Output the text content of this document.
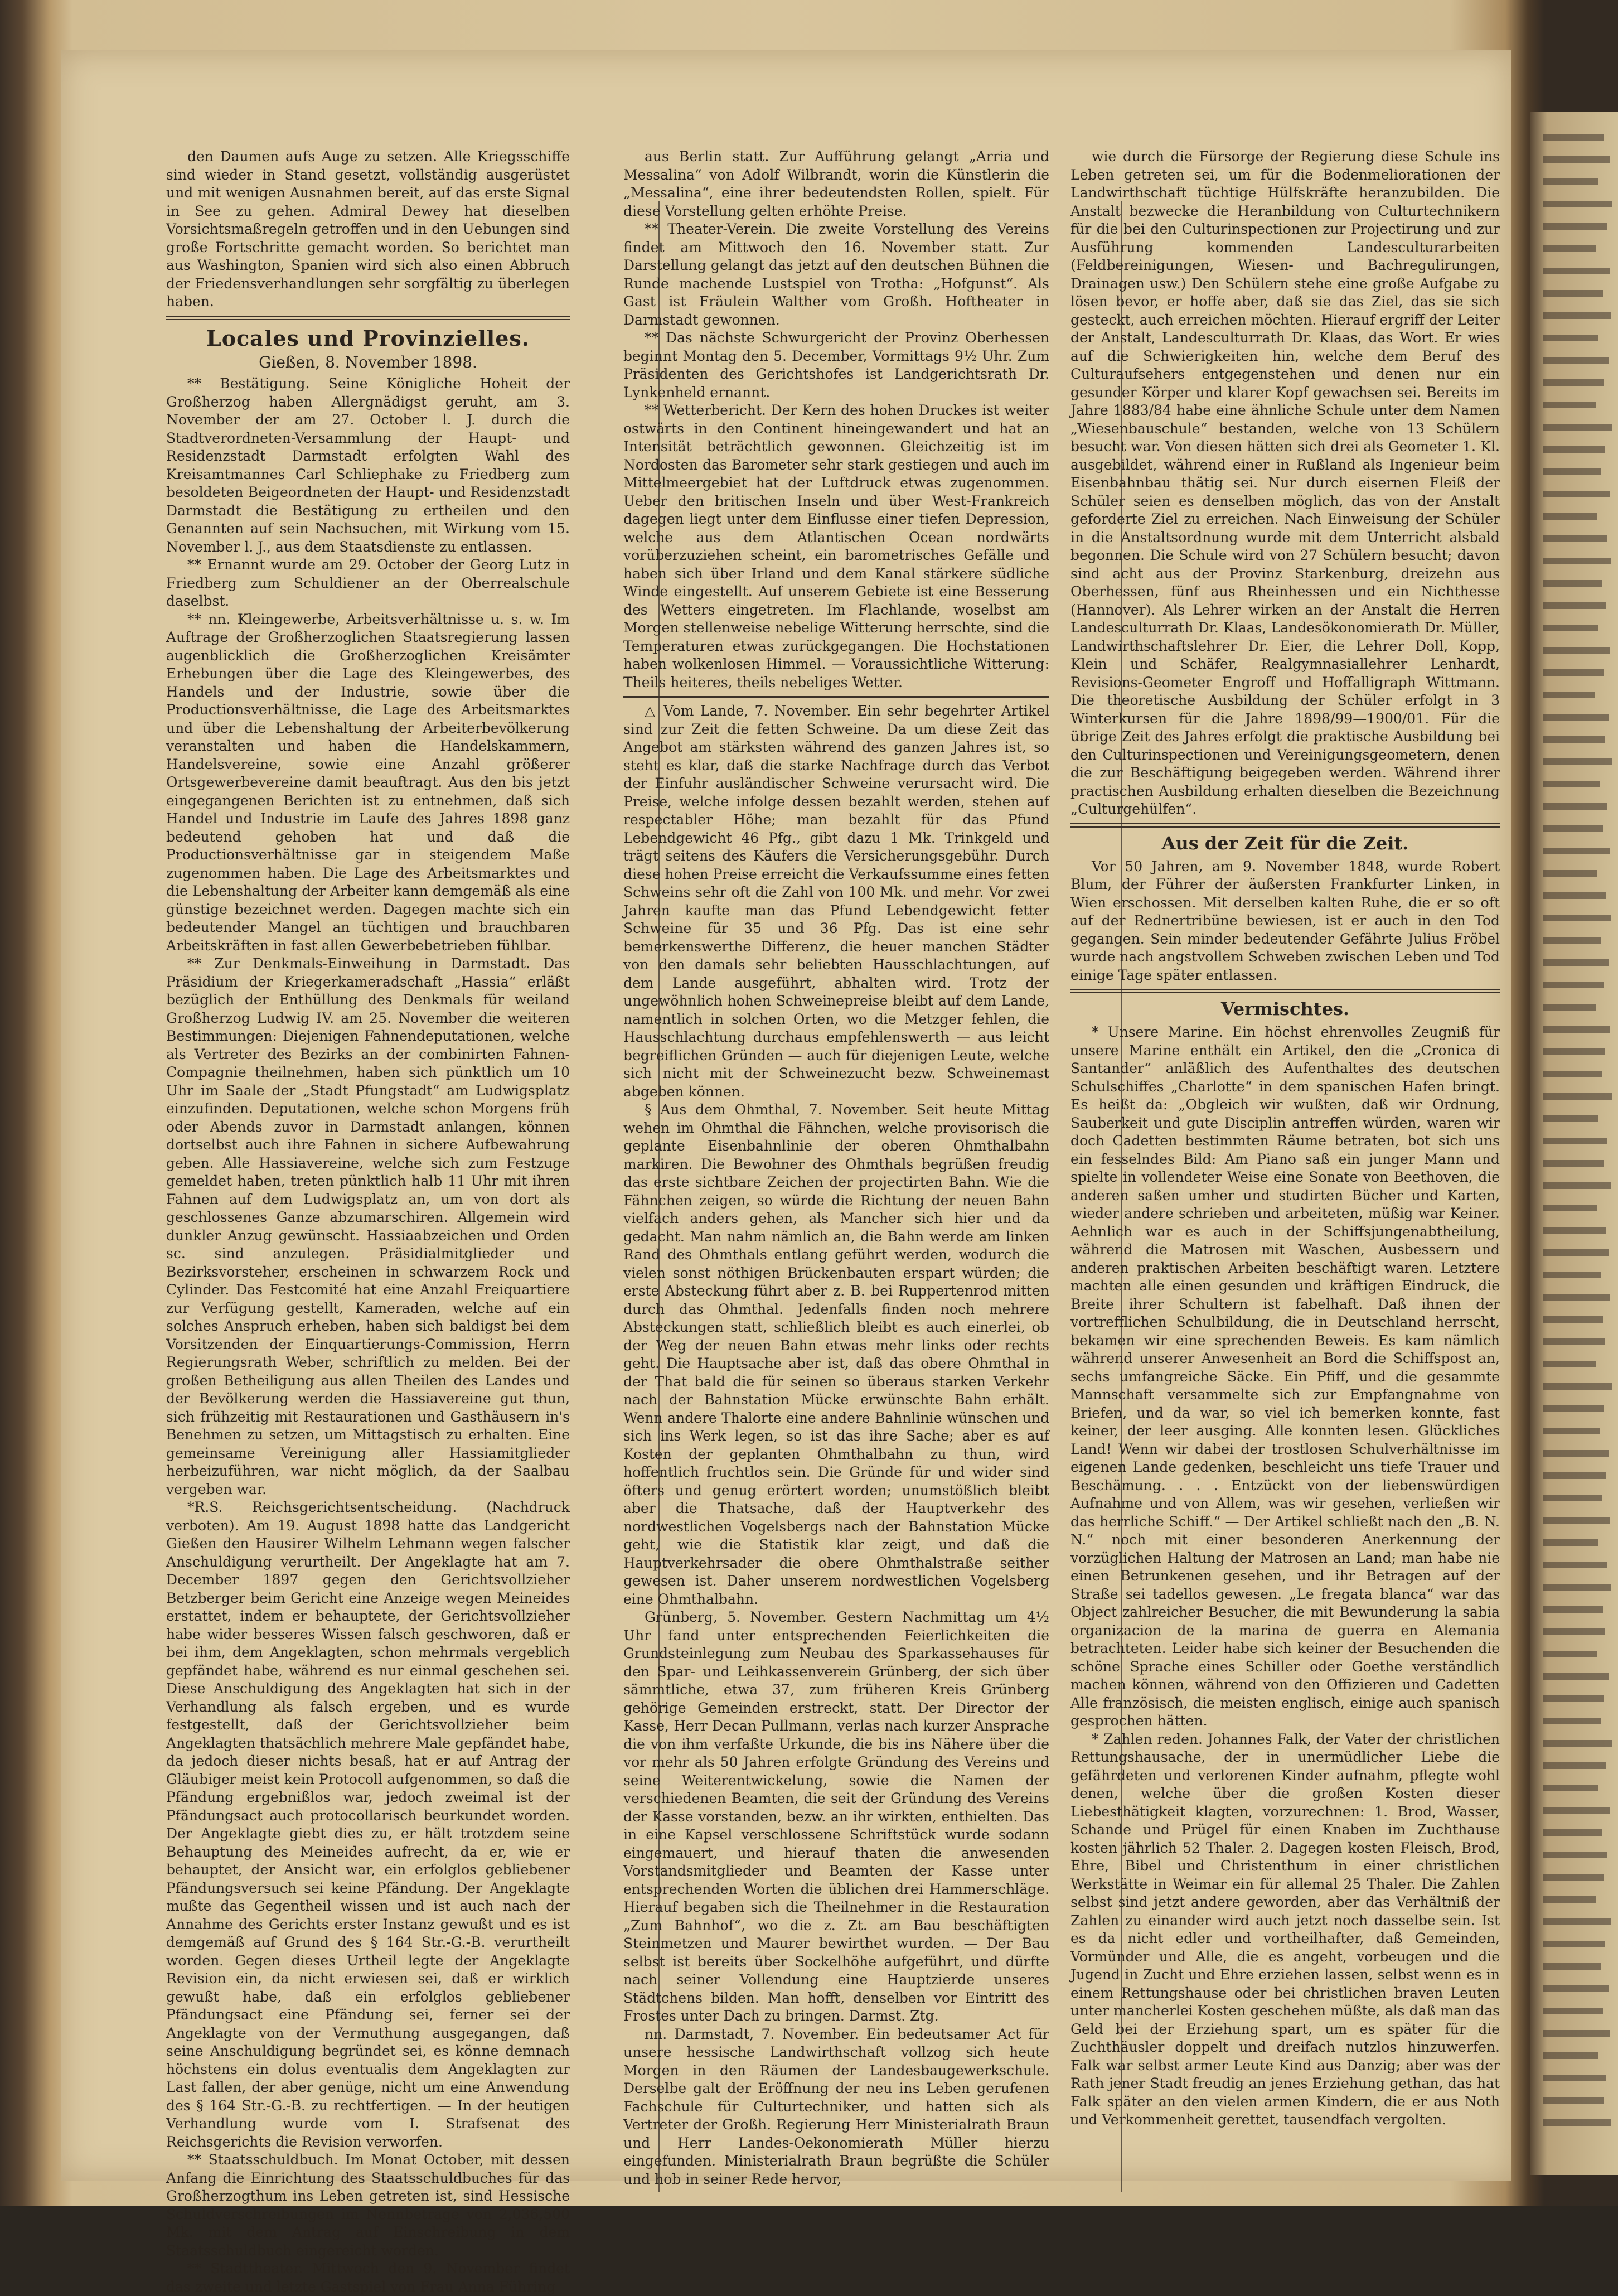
den Daumen aufs Auge zu setzen. Alle Kriegsschiffe sind wieder in Stand gesetzt, vollständig ausgerüstet und mit wenigen Ausnahmen bereit, auf das erste Signal in See zu gehen. Admiral Dewey hat dieselben Vorsichtsmaßregeln getroffen und in den Uebungen sind große Fortschritte gemacht worden. So berichtet man aus Washington, Spanien wird sich also einen Abbruch der Friedensverhandlungen sehr sorgfältig zu überlegen haben.

Locales und Provinzielles.
Gießen, 8. November 1898.

** Bestätigung. Seine Königliche Hoheit der Großherzog haben Allergnädigst geruht, am 3. November der am 27. October l. J. durch die Stadtverordneten-Versammlung der Haupt- und Residenzstadt Darmstadt erfolgten Wahl des Kreisamtmannes Carl Schliephake zu Friedberg zum besoldeten Beigeordneten der Haupt- und Residenzstadt Darmstadt die Bestätigung zu ertheilen und den Genannten auf sein Nachsuchen, mit Wirkung vom 15. November l. J., aus dem Staatsdienste zu entlassen.

** Ernannt wurde am 29. October der Georg Lutz in Friedberg zum Schuldiener an der Oberrealschule daselbst.

** nn. Kleingewerbe, Arbeitsverhältnisse u. s. w. Im Auftrage der Großherzoglichen Staatsregierung lassen augenblicklich die Großherzoglichen Kreisämter Erhebungen über die Lage des Kleingewerbes, des Handels und der Industrie, sowie über die Productionsverhältnisse, die Lage des Arbeitsmarktes und über die Lebenshaltung der Arbeiterbevölkerung veranstalten und haben die Handelskammern, Handelsvereine, sowie eine Anzahl größerer Ortsgewerbevereine damit beauftragt. Aus den bis jetzt eingegangenen Berichten ist zu entnehmen, daß sich Handel und Industrie im Laufe des Jahres 1898 ganz bedeutend gehoben hat und daß die Productionsverhältnisse gar in steigendem Maße zugenommen haben. Die Lage des Arbeitsmarktes und die Lebenshaltung der Arbeiter kann demgemäß als eine günstige bezeichnet werden. Dagegen machte sich ein bedeutender Mangel an tüchtigen und brauchbaren Arbeitskräften in fast allen Gewerbebetrieben fühlbar.

** Zur Denkmals-Einweihung in Darmstadt. Das Präsidium der Kriegerkameradschaft „Hassia“ erläßt bezüglich der Enthüllung des Denkmals für weiland Großherzog Ludwig IV. am 25. November die weiteren Bestimmungen: Diejenigen Fahnendeputationen, welche als Vertreter des Bezirks an der combinirten Fahnen-Compagnie theilnehmen, haben sich pünktlich um 10 Uhr im Saale der „Stadt Pfungstadt“ am Ludwigsplatz einzufinden. Deputationen, welche schon Morgens früh oder Abends zuvor in Darmstadt anlangen, können dortselbst auch ihre Fahnen in sichere Aufbewahrung geben. Alle Hassiavereine, welche sich zum Festzuge gemeldet haben, treten pünktlich halb 11 Uhr mit ihren Fahnen auf dem Ludwigsplatz an, um von dort als geschlossenes Ganze abzumarschiren. Allgemein wird dunkler Anzug gewünscht. Hassiaabzeichen und Orden sc. sind anzulegen. Präsidialmitglieder und Bezirksvorsteher, erscheinen in schwarzem Rock und Cylinder. Das Festcomité hat eine Anzahl Freiquartiere zur Verfügung gestellt, Kameraden, welche auf ein solches Anspruch erheben, haben sich baldigst bei dem Vorsitzenden der Einquartierungs-Commission, Herrn Regierungsrath Weber, schriftlich zu melden. Bei der großen Betheiligung aus allen Theilen des Landes und der Bevölkerung werden die Hassiavereine gut thun, sich frühzeitig mit Restaurationen und Gasthäusern in's Benehmen zu setzen, um Mittagstisch zu erhalten. Eine gemeinsame Vereinigung aller Hassiamitglieder herbeizuführen, war nicht möglich, da der Saalbau vergeben war.

*R.S. Reichsgerichtsentscheidung. (Nachdruck verboten). Am 19. August 1898 hatte das Landgericht Gießen den Hausirer Wilhelm Lehmann wegen falscher Anschuldigung verurtheilt. Der Angeklagte hat am 7. December 1897 gegen den Gerichtsvollzieher Betzberger beim Gericht eine Anzeige wegen Meineides erstattet, indem er behauptete, der Gerichtsvollzieher habe wider besseres Wissen falsch geschworen, daß er bei ihm, dem Angeklagten, schon mehrmals vergeblich gepfändet habe, während es nur einmal geschehen sei. Diese Anschuldigung des Angeklagten hat sich in der Verhandlung als falsch ergeben, und es wurde festgestellt, daß der Gerichtsvollzieher beim Angeklagten thatsächlich mehrere Male gepfändet habe, da jedoch dieser nichts besaß, hat er auf Antrag der Gläubiger meist kein Protocoll aufgenommen, so daß die Pfändung ergebnißlos war, jedoch zweimal ist der Pfändungsact auch protocollarisch beurkundet worden. Der Angeklagte giebt dies zu, er hält trotzdem seine Behauptung des Meineides aufrecht, da er, wie er behauptet, der Ansicht war, ein erfolglos gebliebener Pfändungsversuch sei keine Pfändung. Der Angeklagte mußte das Gegentheil wissen und ist auch nach der Annahme des Gerichts erster Instanz gewußt und es ist demgemäß auf Grund des § 164 Str.-G.-B. verurtheilt worden. Gegen dieses Urtheil legte der Angeklagte Revision ein, da nicht erwiesen sei, daß er wirklich gewußt habe, daß ein erfolglos gebliebener Pfändungsact eine Pfändung sei, ferner sei der Angeklagte von der Vermuthung ausgegangen, daß seine Anschuldigung begründet sei, es könne demnach höchstens ein dolus eventualis dem Angeklagten zur Last fallen, der aber genüge, nicht um eine Anwendung des § 164 Str.-G.-B. zu rechtfertigen. — In der heutigen Verhandlung wurde vom I. Strafsenat des Reichsgerichts die Revision verworfen.

** Staatsschuldbuch. Im Monat October, mit dessen Anfang die Einrichtung des Staatsschuldbuches für das Großherzogthum ins Leben getreten ist, sind Hessische Schuldverschreibungen im Nennbetrage von 2,036,500 Mk. mit dem Antrag auf Einschreibung in dem Staatsschuldbuch eingereicht worden.

** Stadttheater. Mittwoch den 9. November findet das zweite und letzte Gastspiel von Frau Anna Führing

aus Berlin statt. Zur Aufführung gelangt „Arria und Messalina“ von Adolf Wilbrandt, worin die Künstlerin die „Messalina“, eine ihrer bedeutendsten Rollen, spielt. Für diese Vorstellung gelten erhöhte Preise.

** Theater-Verein. Die zweite Vorstellung des Vereins findet am Mittwoch den 16. November statt. Zur Darstellung gelangt das jetzt auf den deutschen Bühnen die Runde machende Lustspiel von Trotha: „Hofgunst“. Als Gast ist Fräulein Walther vom Großh. Hoftheater in Darmstadt gewonnen.

** Das nächste Schwurgericht der Provinz Oberhessen beginnt Montag den 5. December, Vormittags 9½ Uhr. Zum Präsidenten des Gerichtshofes ist Landgerichtsrath Dr. Lynkenheld ernannt.

** Wetterbericht. Der Kern des hohen Druckes ist weiter ostwärts in den Continent hineingewandert und hat an Intensität beträchtlich gewonnen. Gleichzeitig ist im Nordosten das Barometer sehr stark gestiegen und auch im Mittelmeergebiet hat der Luftdruck etwas zugenommen. Ueber den britischen Inseln und über West-Frankreich dagegen liegt unter dem Einflusse einer tiefen Depression, welche aus dem Atlantischen Ocean nordwärts vorüberzuziehen scheint, ein barometrisches Gefälle und haben sich über Irland und dem Kanal stärkere südliche Winde eingestellt. Auf unserem Gebiete ist eine Besserung des Wetters eingetreten. Im Flachlande, woselbst am Morgen stellenweise nebelige Witterung herrschte, sind die Temperaturen etwas zurückgegangen. Die Hochstationen haben wolkenlosen Himmel. — Voraussichtliche Witterung: Theils heiteres, theils nebeliges Wetter.

△ Vom Lande, 7. November. Ein sehr begehrter Artikel sind zur Zeit die fetten Schweine. Da um diese Zeit das Angebot am stärksten während des ganzen Jahres ist, so steht es klar, daß die starke Nachfrage durch das Verbot der Einfuhr ausländischer Schweine verursacht wird. Die Preise, welche infolge dessen bezahlt werden, stehen auf respectabler Höhe; man bezahlt für das Pfund Lebendgewicht 46 Pfg., gibt dazu 1 Mk. Trinkgeld und trägt seitens des Käufers die Versicherungsgebühr. Durch diese hohen Preise erreicht die Verkaufssumme eines fetten Schweins sehr oft die Zahl von 100 Mk. und mehr. Vor zwei Jahren kaufte man das Pfund Lebendgewicht fetter Schweine für 35 und 36 Pfg. Das ist eine sehr bemerkenswerthe Differenz, die heuer manchen Städter von den damals sehr beliebten Hausschlachtungen, auf dem Lande ausgeführt, abhalten wird. Trotz der ungewöhnlich hohen Schweinepreise bleibt auf dem Lande, namentlich in solchen Orten, wo die Metzger fehlen, die Hausschlachtung durchaus empfehlenswerth — aus leicht begreiflichen Gründen — auch für diejenigen Leute, welche sich nicht mit der Schweinezucht bezw. Schweinemast abgeben können.

§ Aus dem Ohmthal, 7. November. Seit heute Mittag wehen im Ohmthal die Fähnchen, welche provisorisch die geplante Eisenbahnlinie der oberen Ohmthalbahn markiren. Die Bewohner des Ohmthals begrüßen freudig das erste sichtbare Zeichen der projectirten Bahn. Wie die Fähnchen zeigen, so würde die Richtung der neuen Bahn vielfach anders gehen, als Mancher sich hier und da gedacht. Man nahm nämlich an, die Bahn werde am linken Rand des Ohmthals entlang geführt werden, wodurch die vielen sonst nöthigen Brückenbauten erspart würden; die erste Absteckung führt aber z. B. bei Ruppertenrod mitten durch das Ohmthal. Jedenfalls finden noch mehrere Absteckungen statt, schließlich bleibt es auch einerlei, ob der Weg der neuen Bahn etwas mehr links oder rechts geht. Die Hauptsache aber ist, daß das obere Ohmthal in der That bald die für seinen so überaus starken Verkehr nach der Bahnstation Mücke erwünschte Bahn erhält. Wenn andere Thalorte eine andere Bahnlinie wünschen und sich ins Werk legen, so ist das ihre Sache; aber es auf Kosten der geplanten Ohmthalbahn zu thun, wird hoffentlich fruchtlos sein. Die Gründe für und wider sind öfters und genug erörtert worden; unumstößlich bleibt aber die Thatsache, daß der Hauptverkehr des nordwestlichen Vogelsbergs nach der Bahnstation Mücke geht, wie die Statistik klar zeigt, und daß die Hauptverkehrsader die obere Ohmthalstraße seither gewesen ist. Daher unserem nordwestlichen Vogelsberg eine Ohmthalbahn.

Grünberg, 5. November. Gestern Nachmittag um 4½ Uhr fand unter entsprechenden Feierlichkeiten die Grundsteinlegung zum Neubau des Sparkassehauses für den Spar- und Leihkassenverein Grünberg, der sich über sämmtliche, etwa 37, zum früheren Kreis Grünberg gehörige Gemeinden erstreckt, statt. Der Director der Kasse, Herr Decan Pullmann, verlas nach kurzer Ansprache die von ihm verfaßte Urkunde, die bis ins Nähere über die vor mehr als 50 Jahren erfolgte Gründung des Vereins und seine Weiterentwickelung, sowie die Namen der verschiedenen Beamten, die seit der Gründung des Vereins der Kasse vorstanden, bezw. an ihr wirkten, enthielten. Das in eine Kapsel verschlossene Schriftstück wurde sodann eingemauert, und hierauf thaten die anwesenden Vorstandsmitglieder und Beamten der Kasse unter entsprechenden Worten die üblichen drei Hammerschläge. Hierauf begaben sich die Theilnehmer in die Restauration „Zum Bahnhof“, wo die z. Zt. am Bau beschäftigten Steinmetzen und Maurer bewirthet wurden. — Der Bau selbst ist bereits über Sockelhöhe aufgeführt, und dürfte nach seiner Vollendung eine Hauptzierde unseres Städtchens bilden. Man hofft, denselben vor Eintritt des Frostes unter Dach zu bringen. Darmst. Ztg.

nn. Darmstadt, 7. November. Ein bedeutsamer Act für unsere hessische Landwirthschaft vollzog sich heute Morgen in den Räumen der Landesbaugewerkschule. Derselbe galt der Eröffnung der neu ins Leben gerufenen Fachschule für Culturtechniker, und hatten sich als Vertreter der Großh. Regierung Herr Ministerialrath Braun und Herr Landes-Oekonomierath Müller hierzu eingefunden. Ministerialrath Braun begrüßte die Schüler und hob in seiner Rede hervor,

wie durch die Fürsorge der Regierung diese Schule ins Leben getreten sei, um für die Bodenmeliorationen der Landwirthschaft tüchtige Hülfskräfte heranzubilden. Die Anstalt bezwecke die Heranbildung von Culturtechnikern für die bei den Culturinspectionen zur Projectirung und zur Ausführung kommenden Landesculturarbeiten (Feldbereinigungen, Wiesen- und Bachregulirungen, Drainagen usw.) Den Schülern stehe eine große Aufgabe zu lösen bevor, er hoffe aber, daß sie das Ziel, das sie sich gesteckt, auch erreichen möchten. Hierauf ergriff der Leiter der Anstalt, Landesculturrath Dr. Klaas, das Wort. Er wies auf die Schwierigkeiten hin, welche dem Beruf des Culturaufsehers entgegenstehen und denen nur ein gesunder Körper und klarer Kopf gewachsen sei. Bereits im Jahre 1883/84 habe eine ähnliche Schule unter dem Namen „Wiesenbauschule“ bestanden, welche von 13 Schülern besucht war. Von diesen hätten sich drei als Geometer 1. Kl. ausgebildet, während einer in Rußland als Ingenieur beim Eisenbahnbau thätig sei. Nur durch eisernen Fleiß der Schüler seien es denselben möglich, das von der Anstalt geforderte Ziel zu erreichen. Nach Einweisung der Schüler in die Anstaltsordnung wurde mit dem Unterricht alsbald begonnen. Die Schule wird von 27 Schülern besucht; davon sind acht aus der Provinz Starkenburg, dreizehn aus Oberhessen, fünf aus Rheinhessen und ein Nichthesse (Hannover). Als Lehrer wirken an der Anstalt die Herren Landesculturrath Dr. Klaas, Landesökonomierath Dr. Müller, Landwirthschaftslehrer Dr. Eier, die Lehrer Doll, Kopp, Klein und Schäfer, Realgymnasiallehrer Lenhardt, Revisions-Geometer Engroff und Hoffalligraph Wittmann. Die theoretische Ausbildung der Schüler erfolgt in 3 Winterkursen für die Jahre 1898/99—1900/01. Für die übrige Zeit des Jahres erfolgt die praktische Ausbildung bei den Culturinspectionen und Vereinigungsgeometern, denen die zur Beschäftigung beigegeben werden. Während ihrer practischen Ausbildung erhalten dieselben die Bezeichnung „Culturgehülfen“.

Aus der Zeit für die Zeit.

Vor 50 Jahren, am 9. November 1848, wurde Robert Blum, der Führer der äußersten Frankfurter Linken, in Wien erschossen. Mit derselben kalten Ruhe, die er so oft auf der Rednertribüne bewiesen, ist er auch in den Tod gegangen. Sein minder bedeutender Gefährte Julius Fröbel wurde nach angstvollem Schweben zwischen Leben und Tod einige Tage später entlassen.

Vermischtes.

* Unsere Marine. Ein höchst ehrenvolles Zeugniß für unsere Marine enthält ein Artikel, den die „Cronica di Santander“ anläßlich des Aufenthaltes des deutschen Schulschiffes „Charlotte“ in dem spanischen Hafen bringt. Es heißt da: „Obgleich wir wußten, daß wir Ordnung, Sauberkeit und gute Disciplin antreffen würden, waren wir doch Cadetten bestimmten Räume betraten, bot sich uns ein fesselndes Bild: Am Piano saß ein junger Mann und spielte in vollendeter Weise eine Sonate von Beethoven, die anderen saßen umher und studirten Bücher und Karten, wieder andere schrieben und arbeiteten, müßig war Keiner. Aehnlich war es auch in der Schiffsjungenabtheilung, während die Matrosen mit Waschen, Ausbessern und anderen praktischen Arbeiten beschäftigt waren. Letztere machten alle einen gesunden und kräftigen Eindruck, die Breite ihrer Schultern ist fabelhaft. Daß ihnen der vortrefflichen Schulbildung, die in Deutschland herrscht, bekamen wir eine sprechenden Beweis. Es kam nämlich während unserer Anwesenheit an Bord die Schiffspost an, sechs umfangreiche Säcke. Ein Pfiff, und die gesammte Mannschaft versammelte sich zur Empfangnahme von Briefen, und da war, so viel ich bemerken konnte, fast keiner, der leer ausging. Alle konnten lesen. Glückliches Land! Wenn wir dabei der trostlosen Schulverhältnisse im eigenen Lande gedenken, beschleicht uns tiefe Trauer und Beschämung. . . . Entzückt von der liebenswürdigen Aufnahme und von Allem, was wir gesehen, verließen wir das herrliche Schiff.“ — Der Artikel schließt nach den „B. N. N.“ noch mit einer besonderen Anerkennung der vorzüglichen Haltung der Matrosen an Land; man habe nie einen Betrunkenen gesehen, und ihr Betragen auf der Straße sei tadellos gewesen. „Le fregata blanca“ war das Object zahlreicher Besucher, die mit Bewunderung la sabia organizacion de la marina de guerra en Alemania betrachteten. Leider habe sich keiner der Besuchenden die schöne Sprache eines Schiller oder Goethe verständlich machen können, während von den Offizieren und Cadetten Alle französisch, die meisten englisch, einige auch spanisch gesprochen hätten.

* Zahlen reden. Johannes Falk, der Vater der christlichen Rettungshausache, der in unermüdlicher Liebe die gefährdeten und verlorenen Kinder aufnahm, pflegte wohl denen, welche über die großen Kosten dieser Liebesthätigkeit klagten, vorzurechnen: 1. Brod, Wasser, Schande und Prügel für einen Knaben im Zuchthause kosten jährlich 52 Thaler. 2. Dagegen kosten Fleisch, Brod, Ehre, Bibel und Christenthum in einer christlichen Werkstätte in Weimar ein für allemal 25 Thaler. Die Zahlen selbst sind jetzt andere geworden, aber das Verhältniß der Zahlen zu einander wird auch jetzt noch dasselbe sein. Ist es da nicht edler und vortheilhafter, daß Gemeinden, Vormünder und Alle, die es angeht, vorbeugen und die Jugend in Zucht und Ehre erziehen lassen, selbst wenn es in einem Rettungshause oder bei christlichen braven Leuten unter mancherlei Kosten geschehen müßte, als daß man das Geld bei der Erziehung spart, um es später für die Zuchthäusler doppelt und dreifach nutzlos hinzuwerfen. Falk war selbst armer Leute Kind aus Danzig; aber was der Rath jener Stadt freudig an jenes Erziehung gethan, das hat Falk später an den vielen armen Kindern, die er aus Noth und Verkommenheit gerettet, tausendfach vergolten.
